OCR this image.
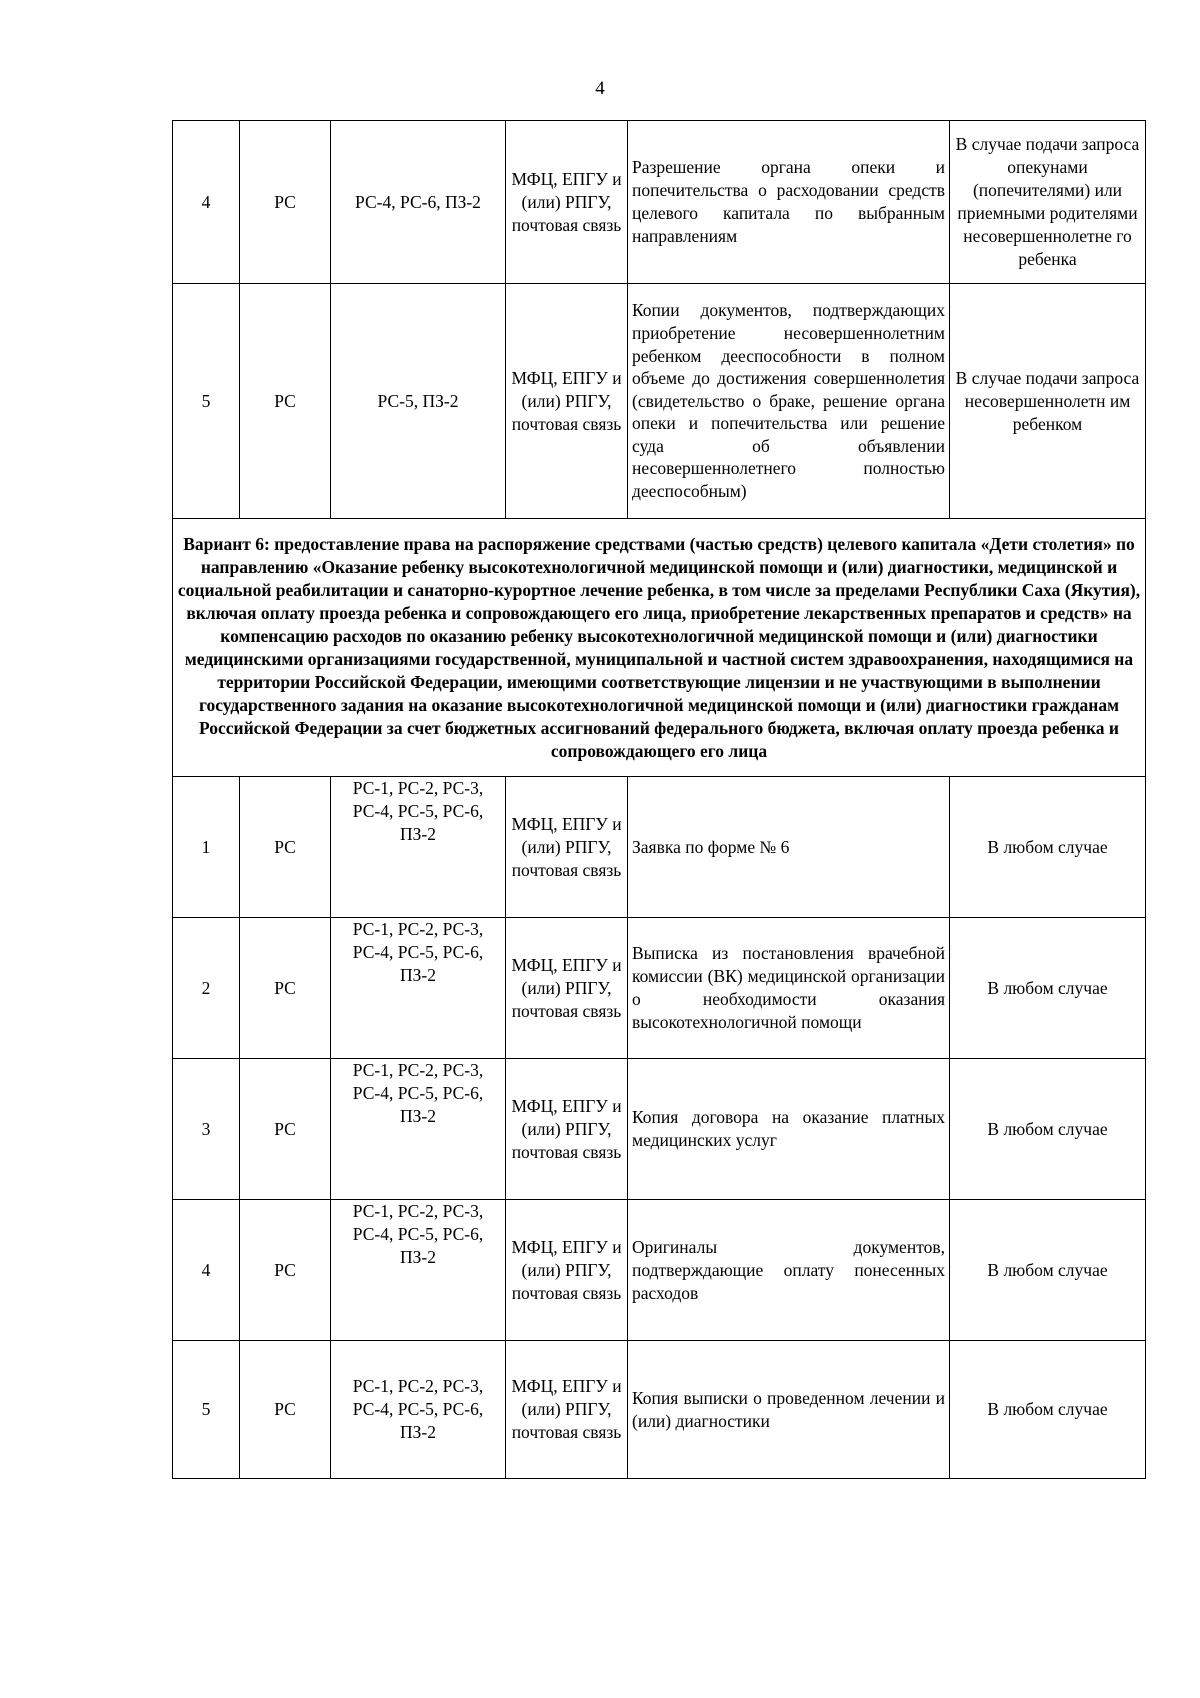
4
4	РС	РС-4, РС-6, ПЗ-2	МФЦ, ЕПГУ и (или) РПГУ, почтовая связь	Разрешение органа опеки и попечительства о расходовании средств целевого капитала по выбранным направлениям	В случае подачи запроса опекунами (попечителями) или приемными родителями несовершеннолетне го ребенка
5	РС	РС-5, ПЗ-2	МФЦ, ЕПГУ и (или) РПГУ, почтовая связь	Копии документов, подтверждающих приобретение несовершеннолетним ребенком дееспособности в полном объеме до достижения совершеннолетия (свидетельство о браке, решение органа опеки и попечительства или решение суда об объявлении несовершеннолетнего полностью дееспособным)	В случае подачи запроса несовершеннолетн им ребенком
Вариант 6: предоставление права на распоряжение средствами (частью средств) целевого капитала «Дети столетия» по направлению «Оказание ребенку высокотехнологичной медицинской помощи и (или) диагностики, медицинской и социальной реабилитации и санаторно-курортное лечение ребенка, в том числе за пределами Республики Саха (Якутия), включая оплату проезда ребенка и сопровождающего его лица, приобретение лекарственных препаратов и средств» на компенсацию расходов по оказанию ребенку высокотехнологичной медицинской помощи и (или) диагностики медицинскими организациями государственной, муниципальной и частной систем здравоохранения, находящимися на территории Российской Федерации, имеющими соответствующие лицензии и не участвующими в выполнении государственного задания на оказание высокотехнологичной медицинской помощи и (или) диагностики гражданам Российской Федерации за счет бюджетных ассигнований федерального бюджета, включая оплату проезда ребенка и сопровождающего его лица					
1	РС	РС-1, РС-2, РС-3, РС-4, РС-5, РС-6, ПЗ-2	МФЦ, ЕПГУ и (или) РПГУ, почтовая связь	Заявка по форме № 6	В любом случае
2	РС	РС-1, РС-2, РС-3, РС-4, РС-5, РС-6, ПЗ-2	МФЦ, ЕПГУ и (или) РПГУ, почтовая связь	Выписка из постановления врачебной комиссии (ВК) медицинской организации о необходимости оказания высокотехнологичной помощи	В любом случае
3	РС	РС-1, РС-2, РС-3, РС-4, РС-5, РС-6, ПЗ-2	МФЦ, ЕПГУ и (или) РПГУ, почтовая связь	Копия договора на оказание платных медицинских услуг	В любом случае
4	РС	РС-1, РС-2, РС-3, РС-4, РС-5, РС-6, ПЗ-2	МФЦ, ЕПГУ и (или) РПГУ, почтовая связь	Оригиналы документов, подтверждающие оплату понесенных расходов	В любом случае
5	РС	РС-1, РС-2, РС-3, РС-4, РС-5, РС-6, ПЗ-2	МФЦ, ЕПГУ и (или) РПГУ, почтовая связь	Копия выписки о проведенном лечении и (или) диагностики	В любом случае
